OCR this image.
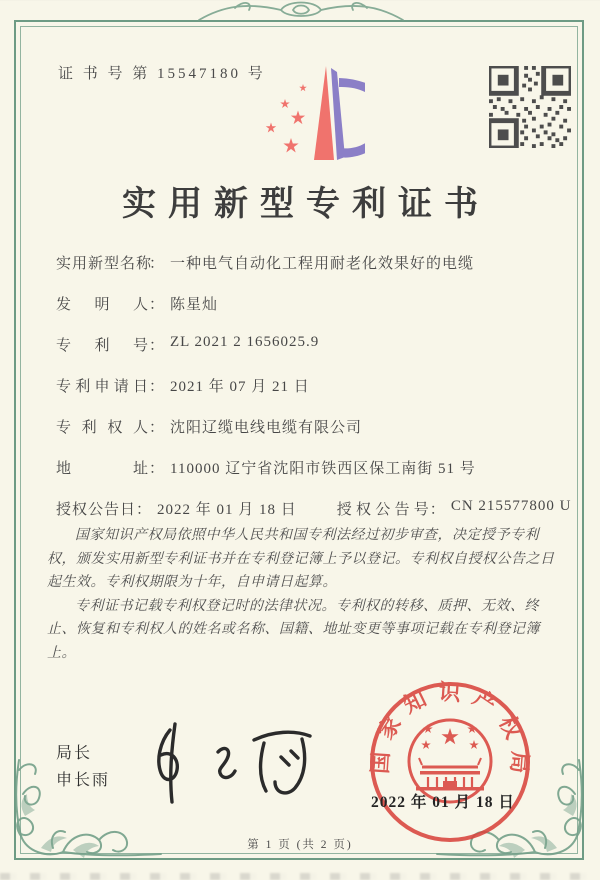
证 书 号 第 15547180 号
实用新型专利证书
实用新型名称
： 一种电气自动化工程用耐老化效果好的电缆
发明人 ： 陈星灿
专利号 ： ZL 2021 2 1656025.9
专利申请日 ： 2021 年 07 月 21 日
专利权人 ： 沈阳辽缆电线电缆有限公司
地址 ： 110000 辽宁省沈阳市铁西区保工南街 51 号
授权公告日 ： 2022 年 01 月 18 日	授权公告号 ： CN 215577800 U

国家知识产权局依照中华人民共和国专利法经过初步审查，决定授予专利权，颁发实用新型专利证书并在专利登记簿上予以登记。专利权自授权公告之日起生效。专利权期限为十年，自申请日起算。

专利证书记载专利权登记时的法律状况。专利权的转移、质押、无效、终止、恢复和专利权人的姓名或名称、国籍、地址变更等事项记载在专利登记簿上。

局长
申长雨
国家知识产权局
2022 年 01 月 18 日
第 1 页 (共 2 页)
